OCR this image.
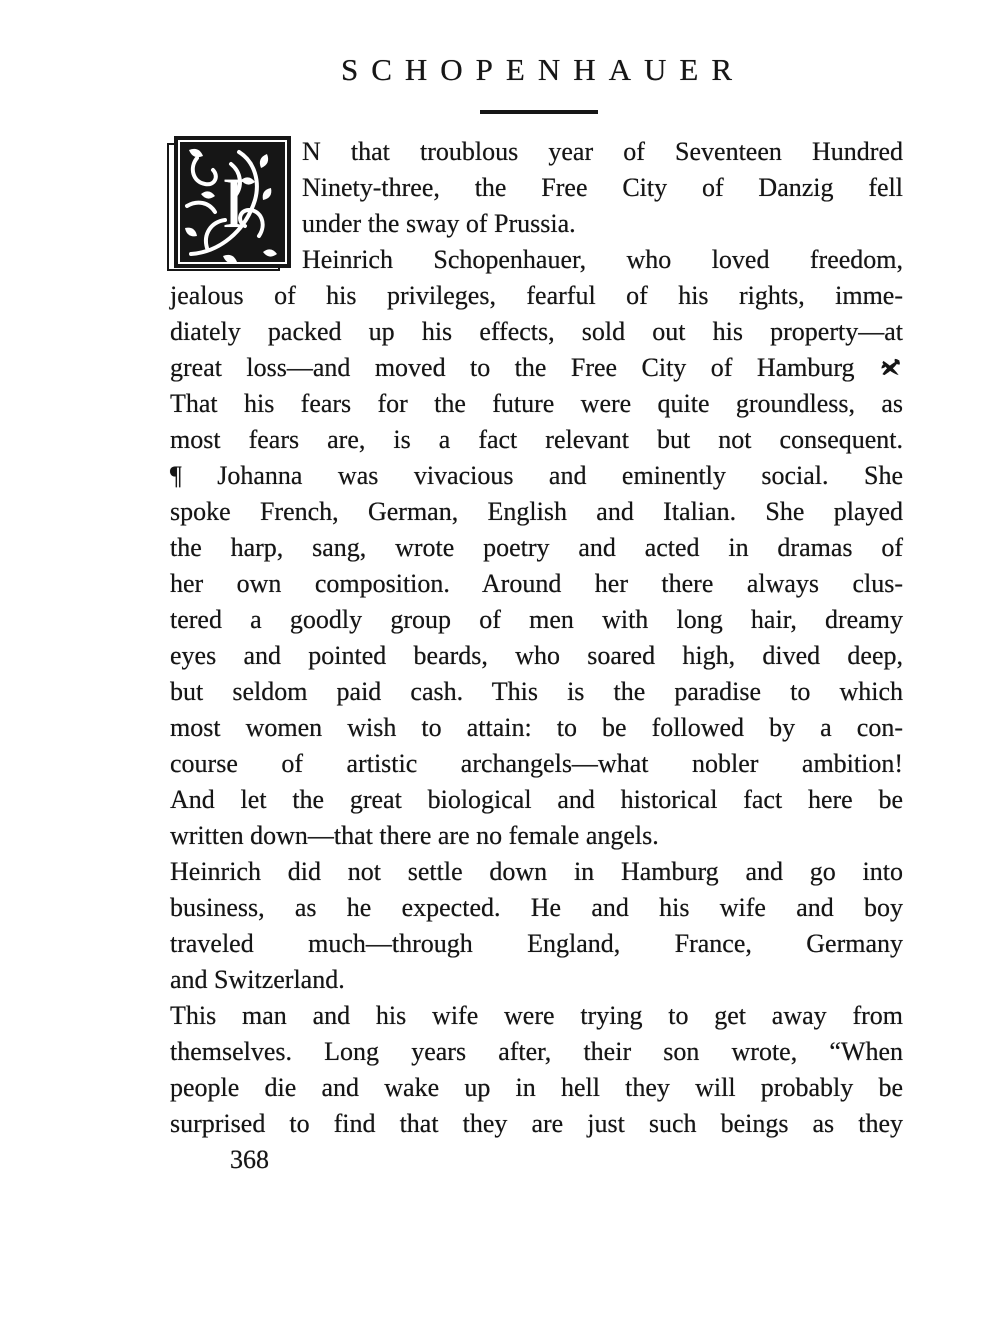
SCHOPENHAUER
I
N that troublous year of Seventeen Hundred
Ninety-three, the Free City of Danzig fell
under the sway of Prussia.
Heinrich Schopenhauer, who loved freedom,
jealous of his privileges, fearful of his rights, imme-
diately packed up his effects, sold out his property—at
great loss—and moved to the Free City of Hamburg
That his fears for the future were quite groundless, as
most fears are, is a fact relevant but not consequent.
¶ Johanna was vivacious and eminently social. She
spoke French, German, English and Italian. She played
the harp, sang, wrote poetry and acted in dramas of
her own composition. Around her there always clus-
tered a goodly group of men with long hair, dreamy
eyes and pointed beards, who soared high, dived deep,
but seldom paid cash. This is the paradise to which
most women wish to attain: to be followed by a con-
course of artistic archangels—what nobler ambition!
And let the great biological and historical fact here be
written down—that there are no female angels.
Heinrich did not settle down in Hamburg and go into
business, as he expected. He and his wife and boy
traveled much—through England, France, Germany
and Switzerland.
This man and his wife were trying to get away from
themselves. Long years after, their son wrote, “When
people die and wake up in hell they will probably be
surprised to find that they are just such beings as they
368
